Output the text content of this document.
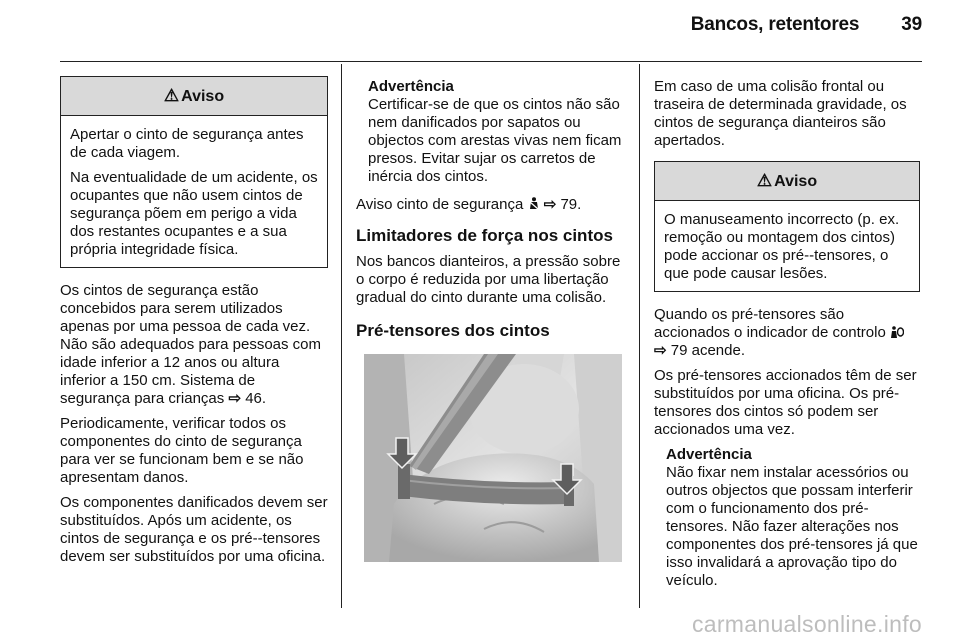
Bancos, retentores 39
⚠ Aviso

Apertar o cinto de segurança antes de cada viagem.

Na eventualidade de um acidente, os ocupantes que não usem cintos de segurança põem em perigo a vida dos restantes ocupantes e a sua própria integridade física.

Os cintos de segurança estão concebidos para serem utilizados apenas por uma pessoa de cada vez. Não são adequados para pessoas com idade inferior a 12 anos ou altura inferior a 150 cm. Sistema de segurança para crianças ⇨ 46.

Periodicamente, verificar todos os componentes do cinto de segurança para ver se funcionam bem e se não apresentam danos.

Os componentes danificados devem ser substituídos. Após um acidente, os cintos de segurança e os pré--tensores devem ser substituídos por uma oficina.

Advertência
Certificar-se de que os cintos não são nem danificados por sapatos ou objectos com arestas vivas nem ficam presos. Evitar sujar os carretos de inércia dos cintos.

Aviso cinto de segurança ⇨ 79.

Limitadores de força nos cintos

Nos bancos dianteiros, a pressão sobre o corpo é reduzida por uma libertação gradual do cinto durante uma colisão.

Pré-tensores dos cintos

Em caso de uma colisão frontal ou traseira de determinada gravidade, os cintos de segurança dianteiros são apertados.

⚠ Aviso

O manuseamento incorrecto (p. ex. remoção ou montagem dos cintos) pode accionar os pré--tensores, o que pode causar lesões.

Quando os pré-tensores são accionados o indicador de controlo  ⇨ 79 acende.

Os pré-tensores accionados têm de ser substituídos por uma oficina. Os pré-tensores dos cintos só podem ser accionados uma vez.

Advertência
Não fixar nem instalar acessórios ou outros objectos que possam interferir com o funcionamento dos pré-tensores. Não fazer alterações nos componentes dos pré-tensores já que isso invalidará a aprovação tipo do veículo.
carmanualsonline.info
